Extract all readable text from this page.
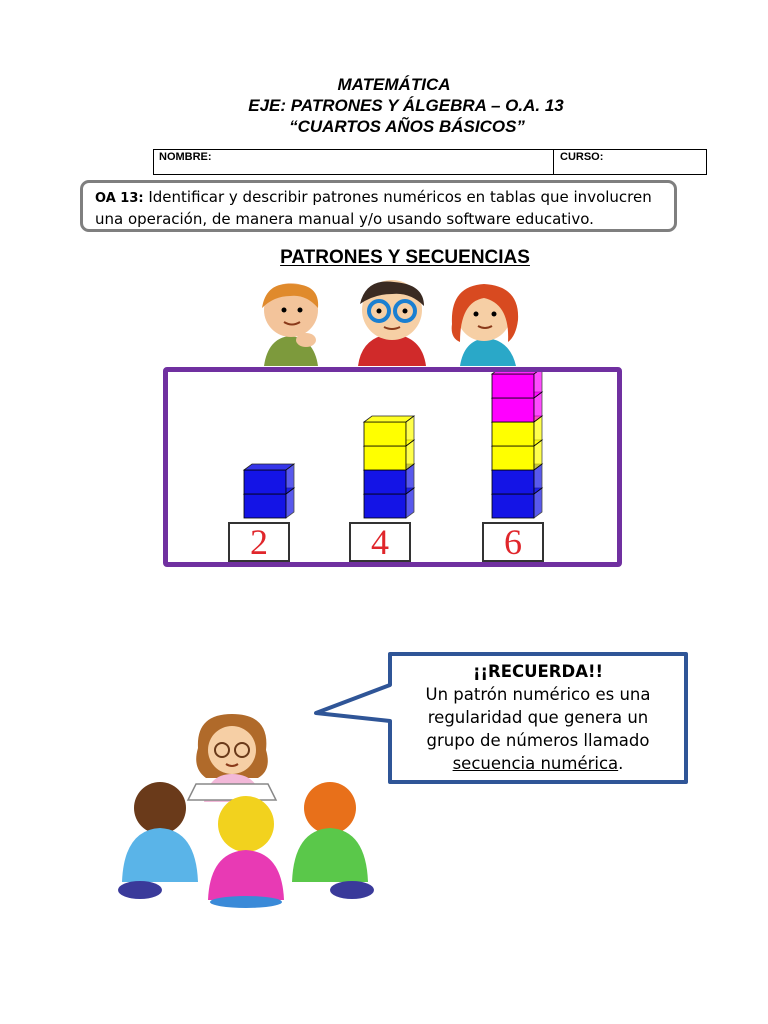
MATEMÁTICA
EJE: PATRONES Y ÁLGEBRA – O.A. 13
“CUARTOS AÑOS BÁSICOS”
NOMBRE:	CURSO:
OA 13: Identificar y describir patrones numéricos en tablas que involucren una operación, de manera manual y/o usando software educativo.
PATRONES Y SECUENCIAS
2	4	6
¡¡RECUERDA!!
Un patrón numérico es una
regularidad que genera un
grupo de números llamado
secuencia numérica.
